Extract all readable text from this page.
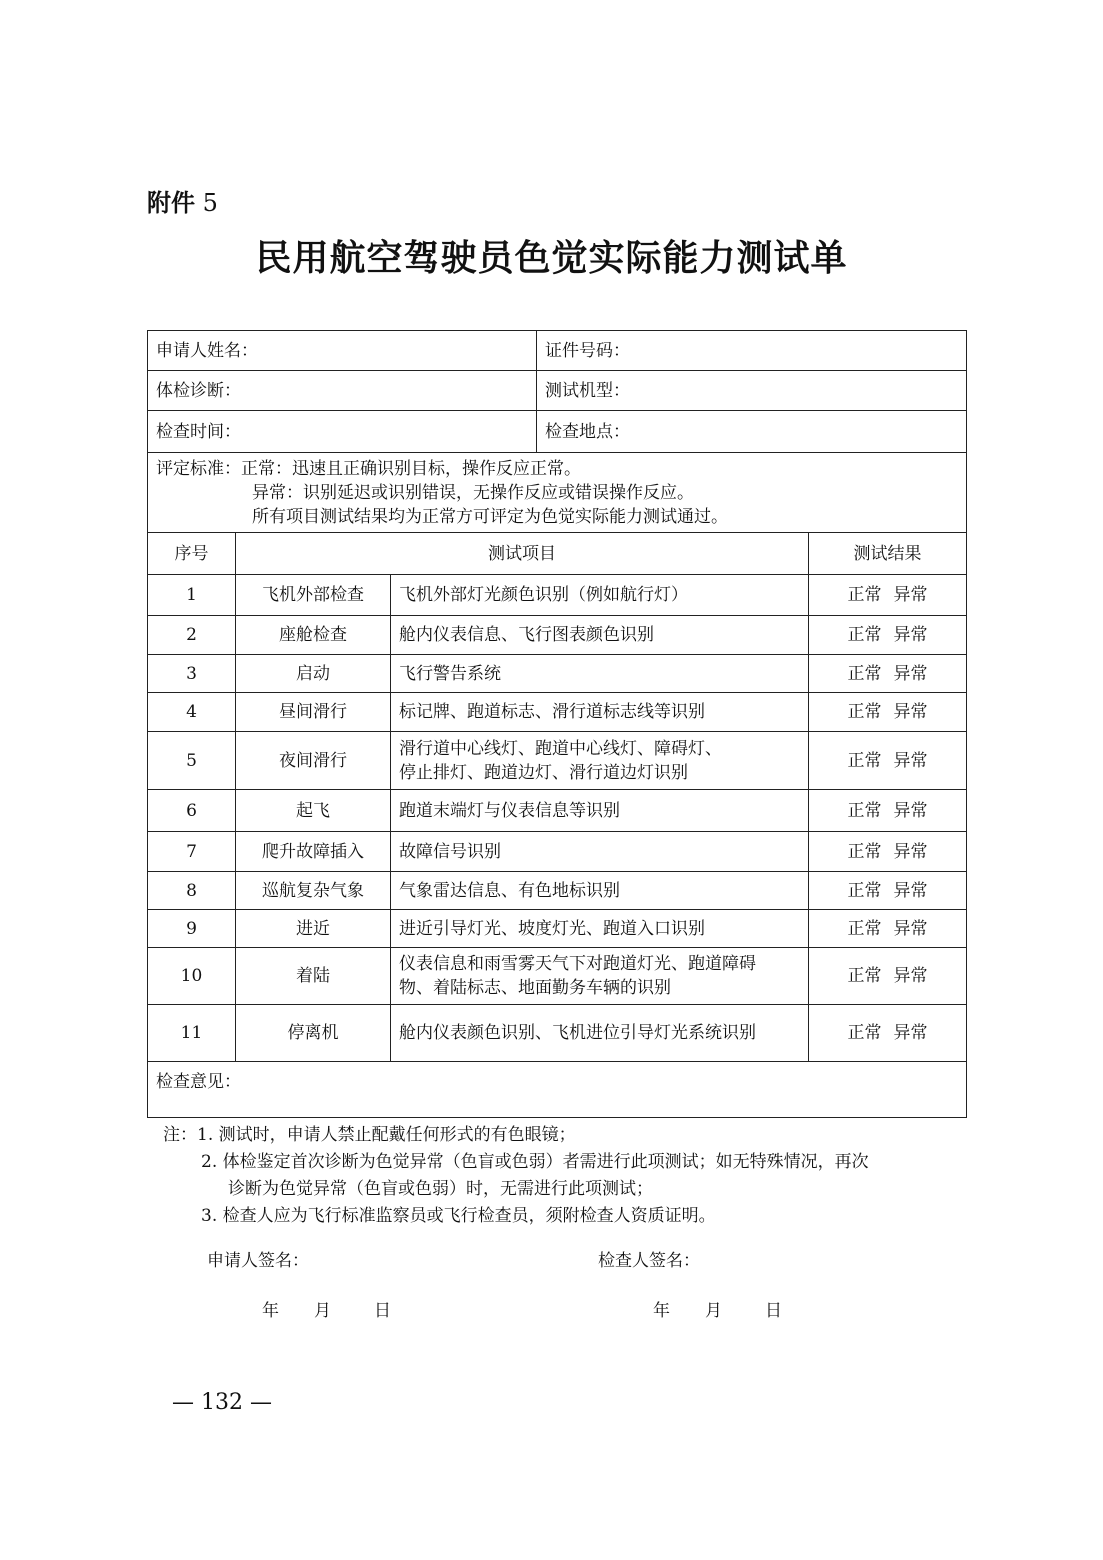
附件 5
民用航空驾驶员色觉实际能力测试单
申请人姓名：			证件号码：	
体检诊断：			测试机型：	
检查时间：			检查地点：	

评定标准：正常：迅速且正确识别目标，操作反应正常。
异常：识别延迟或识别错误，无操作反应或错误操作反应。
所有项目测试结果均为正常方可评定为色觉实际能力测试通过。				

序号	测试项目			测试结果
1	飞机外部检查	飞机外部灯光颜色识别（例如航行灯）		正常 异常
2	座舱检查	舱内仪表信息、飞行图表颜色识别		正常 异常
3	启动	飞行警告系统		正常 异常
4	昼间滑行	标记牌、跑道标志、滑行道标志线等识别		正常 异常
5	夜间滑行	滑行道中心线灯、跑道中心线灯、障碍灯、
停止排灯、跑道边灯、滑行道边灯识别		正常 异常
6	起飞	跑道末端灯与仪表信息等识别		正常 异常
7	爬升故障插入	故障信号识别		正常 异常
8	巡航复杂气象	气象雷达信息、有色地标识别		正常 异常
9	进近	进近引导灯光、坡度灯光、跑道入口识别		正常 异常
10	着陆	仪表信息和雨雪雾天气下对跑道灯光、跑道障碍
物、着陆标志、地面勤务车辆的识别		正常 异常
11	停离机	舱内仪表颜色识别、飞机进位引导灯光系统识别		正常 异常
检查意见：				
注：1. 测试时，申请人禁止配戴任何形式的有色眼镜；
2. 体检鉴定首次诊断为色觉异常（色盲或色弱）者需进行此项测试；如无特殊情况，再次
诊断为色觉异常（色盲或色弱）时，无需进行此项测试；
3. 检查人应为飞行标准监察员或飞行检查员，须附检查人资质证明。
申请人签名：	检查人签名：
年 月	日	年 月	日
— 132 —
